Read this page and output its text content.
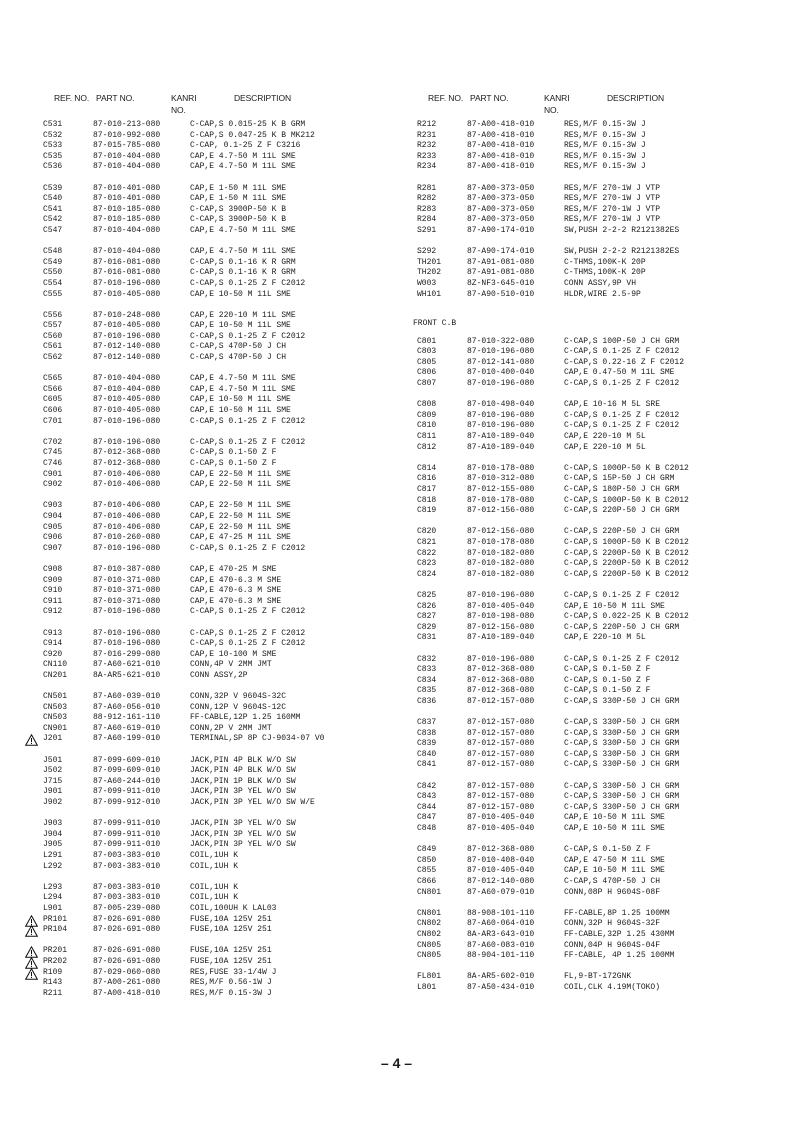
REF. NO. PART NO.	KANRI
NO.
DESCRIPTION
C531	87-010-213-080	C-CAP,S 0.015-25 K B GRM
C532	87-010-992-080	C-CAP,S 0.047-25 K B MK212
C533	87-015-785-080	C-CAP, 0.1-25 Z F C3216
C535	87-010-404-080	CAP,E 4.7-50 M 11L SME
C536	87-010-404-080	CAP,E 4.7-50 M 11L SME
C539	87-010-401-080	CAP,E 1-50 M 11L SME
C540	87-010-401-080	CAP,E 1-50 M 11L SME
C541	87-010-185-080	C-CAP,S 3900P-50 K B
C542	87-010-185-080	C-CAP,S 3900P-50 K B
C547	87-010-404-080	CAP,E 4.7-50 M 11L SME
C548	87-010-404-080	CAP,E 4.7-50 M 11L SME
C549	87-016-081-080	C-CAP,S 0.1-16 K R GRM
C550	87-016-081-080	C-CAP,S 0.1-16 K R GRM
C554	87-010-196-080	C-CAP,S 0.1-25 Z F C2012
C555	87-010-405-080	CAP,E 10-50 M 11L SME
C556	87-010-248-080	CAP,E 220-10 M 11L SME
C557	87-010-405-080	CAP,E 10-50 M 11L SME
C560	87-010-196-080	C-CAP,S 0.1-25 Z F C2012
C561	87-012-140-080	C-CAP,S 470P-50 J CH
C562	87-012-140-080	C-CAP,S 470P-50 J CH
C565	87-010-404-080	CAP,E 4.7-50 M 11L SME
C566	87-010-404-080	CAP,E 4.7-50 M 11L SME
C605	87-010-405-080	CAP,E 10-50 M 11L SME
C606	87-010-405-080	CAP,E 10-50 M 11L SME
C701	87-010-196-080	C-CAP,S 0.1-25 Z F C2012
C702	87-010-196-080	C-CAP,S 0.1-25 Z F C2012
C745	87-012-368-080	C-CAP,S 0.1-50 Z F
C746	87-012-368-080	C-CAP,S 0.1-50 Z F
C901	87-010-406-080	CAP,E 22-50 M 11L SME
C902	87-010-406-080	CAP,E 22-50 M 11L SME
C903	87-010-406-080	CAP,E 22-50 M 11L SME
C904	87-010-406-080	CAP,E 22-50 M 11L SME
C905	87-010-406-080	CAP,E 22-50 M 11L SME
C906	87-010-260-080	CAP,E 47-25 M 11L SME
C907	87-010-196-080	C-CAP,S 0.1-25 Z F C2012
C908	87-010-387-080	CAP,E 470-25 M SME
C909	87-010-371-080	CAP,E 470-6.3 M SME
C910	87-010-371-080	CAP,E 470-6.3 M SME
C911	87-010-371-080	CAP,E 470-6.3 M SME
C912	87-010-196-080	C-CAP,S 0.1-25 Z F C2012
C913	87-010-196-080	C-CAP,S 0.1-25 Z F C2012
C914	87-010-196-080	C-CAP,S 0.1-25 Z F C2012
C920	87-016-299-080	CAP,E 10-100 M SME
CN110	87-A60-621-010	CONN,4P V 2MM JMT
CN201	8A-AR5-621-010	CONN ASSY,2P
CN501	87-A60-039-010	CONN,32P V 9604S-32C
CN503	87-A60-056-010	CONN,12P V 9604S-12C
CN503	88-912-161-110	FF-CABLE,12P 1.25 160MM
CN901	87-A60-619-010	CONN,2P V 2MM JMT
J201	87-A60-199-010	TERMINAL,SP 8P CJ-9034-07 V0
J501	87-099-609-010	JACK,PIN 4P BLK W/O SW
J502	87-099-609-010	JACK,PIN 4P BLK W/O SW
J715	87-A60-244-010	JACK,PIN 1P BLK W/O SW
J901	87-099-911-010	JACK,PIN 3P YEL W/O SW
J902	87-099-912-010	JACK,PIN 3P YEL W/O SW W/E
J903	87-099-911-010	JACK,PIN 3P YEL W/O SW
J904	87-099-911-010	JACK,PIN 3P YEL W/O SW
J905	87-099-911-010	JACK,PIN 3P YEL W/O SW
L291	87-003-383-010	COIL,1UH K
L292	87-003-383-010	COIL,1UH K
L293	87-003-383-010	COIL,1UH K
L294	87-003-383-010	COIL,1UH K
L901	87-005-239-080	COIL,100UH K LAL03
PR101	87-026-691-080	FUSE,10A 125V 251
PR104	87-026-691-080	FUSE,10A 125V 251
PR201	87-026-691-080	FUSE,10A 125V 251
PR202	87-026-691-080	FUSE,10A 125V 251
R109	87-029-060-080	RES,FUSE 33-1/4W J
R143	87-A00-261-080	RES,M/F 0.56-1W J
R211	87-A00-418-010	RES,M/F 0.15-3W J
REF. NO. PART NO.	KANRI
NO.
DESCRIPTION
R212	87-A00-418-010	RES,M/F 0.15-3W J
R231	87-A00-418-010	RES,M/F 0.15-3W J
R232	87-A00-418-010	RES,M/F 0.15-3W J
R233	87-A00-418-010	RES,M/F 0.15-3W J
R234	87-A00-418-010	RES,M/F 0.15-3W J
R281	87-A00-373-050	RES,M/F 270-1W J VTP
R282	87-A00-373-050	RES,M/F 270-1W J VTP
R283	87-A00-373-050	RES,M/F 270-1W J VTP
R284	87-A00-373-050	RES,M/F 270-1W J VTP
S291	87-A90-174-010	SW,PUSH 2-2-2 R2121382ES
S292	87-A90-174-010	SW,PUSH 2-2-2 R2121382ES
TH201	87-A91-081-080	C-THMS,100K-K 20P
TH202	87-A91-081-080	C-THMS,100K-K 20P
W003	8Z-NF3-645-010	CONN ASSY,9P VH
WH101	87-A90-510-010	HLDR,WIRE 2.5-9P
FRONT C.B
C801	87-010-322-080	C-CAP,S 100P-50 J CH GRM
C803	87-010-196-080	C-CAP,S 0.1-25 Z F C2012
C805	87-012-141-080	C-CAP,S 0.22-16 Z F C2012
C806	87-010-400-040	CAP,E 0.47-50 M 11L SME
C807	87-010-196-080	C-CAP,S 0.1-25 Z F C2012
C808	87-010-498-040	CAP,E 10-16 M 5L SRE
C809	87-010-196-080	C-CAP,S 0.1-25 Z F C2012
C810	87-010-196-080	C-CAP,S 0.1-25 Z F C2012
C811	87-A10-189-040	CAP,E 220-10 M 5L
C812	87-A10-189-040	CAP,E 220-10 M 5L
C814	87-010-178-080	C-CAP,S 1000P-50 K B C2012
C816	87-010-312-080	C-CAP,S 15P-50 J CH GRM
C817	87-012-155-080	C-CAP,S 180P-50 J CH GRM
C818	87-010-178-080	C-CAP,S 1000P-50 K B C2012
C819	87-012-156-080	C-CAP,S 220P-50 J CH GRM
C820	87-012-156-080	C-CAP,S 220P-50 J CH GRM
C821	87-010-178-080	C-CAP,S 1000P-50 K B C2012
C822	87-010-182-080	C-CAP,S 2200P-50 K B C2012
C823	87-010-182-080	C-CAP,S 2200P-50 K B C2012
C824	87-010-182-080	C-CAP,S 2200P-50 K B C2012
C825	87-010-196-080	C-CAP,S 0.1-25 Z F C2012
C826	87-010-405-040	CAP,E 10-50 M 11L SME
C827	87-010-198-080	C-CAP,S 0.022-25 K B C2012
C829	87-012-156-080	C-CAP,S 220P-50 J CH GRM
C831	87-A10-189-040	CAP,E 220-10 M 5L
C832	87-010-196-080	C-CAP,S 0.1-25 Z F C2012
C833	87-012-368-080	C-CAP,S 0.1-50 Z F
C834	87-012-368-080	C-CAP,S 0.1-50 Z F
C835	87-012-368-080	C-CAP,S 0.1-50 Z F
C836	87-012-157-080	C-CAP,S 330P-50 J CH GRM
C837	87-012-157-080	C-CAP,S 330P-50 J CH GRM
C838	87-012-157-080	C-CAP,S 330P-50 J CH GRM
C839	87-012-157-080	C-CAP,S 330P-50 J CH GRM
C840	87-012-157-080	C-CAP,S 330P-50 J CH GRM
C841	87-012-157-080	C-CAP,S 330P-50 J CH GRM
C842	87-012-157-080	C-CAP,S 330P-50 J CH GRM
C843	87-012-157-080	C-CAP,S 330P-50 J CH GRM
C844	87-012-157-080	C-CAP,S 330P-50 J CH GRM
C847	87-010-405-040	CAP,E 10-50 M 11L SME
C848	87-010-405-040	CAP,E 10-50 M 11L SME
C849	87-012-368-080	C-CAP,S 0.1-50 Z F
C850	87-010-408-040	CAP,E 47-50 M 11L SME
C855	87-010-405-040	CAP,E 10-50 M 11L SME
C866	87-012-140-080	C-CAP,S 470P-50 J CH
CN801	87-A60-079-010	CONN,08P H 9604S-08F
CN801	88-908-101-110	FF-CABLE,8P 1.25 100MM
CN802	87-A60-064-010	CONN,32P H 9604S-32F
CN802	8A-AR3-643-010	FF-CABLE,32P 1.25 430MM
CN805	87-A60-083-010	CONN,04P H 9604S-04F
CN805	88-904-101-110	FF-CABLE, 4P 1.25 100MM
FL801	8A-AR5-602-010	FL,9-BT-172GNK
L801	87-A50-434-010	COIL,CLK 4.19M(TOKO)
– 4 –
